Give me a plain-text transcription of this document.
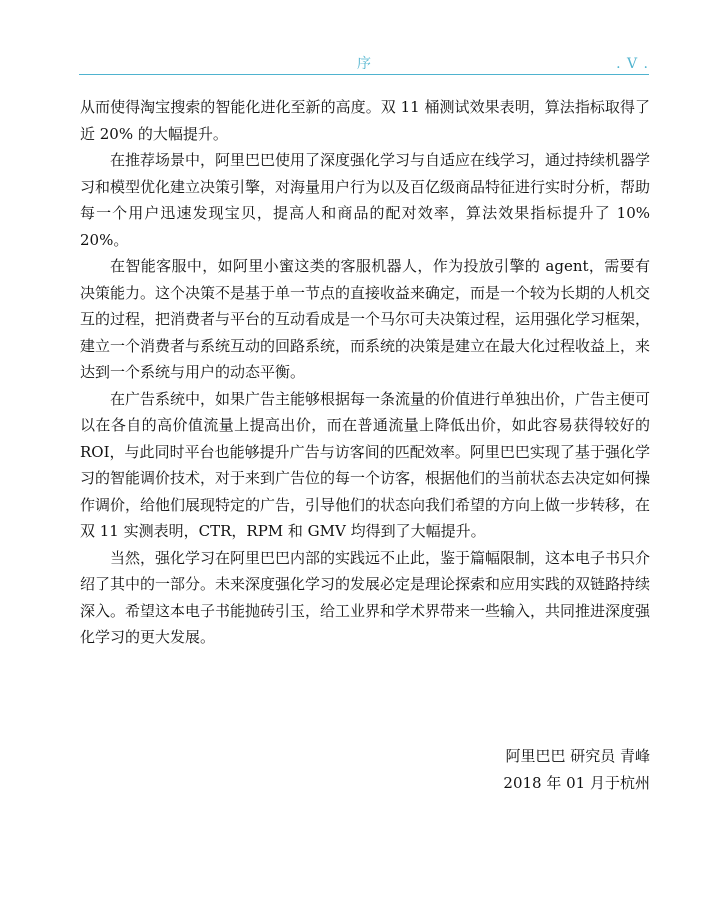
序	. V .

从而使得淘宝搜索的智能化进化至新的高度。双 11 桶测试效果表明，算法指标取得了近 20% 的大幅提升。

在推荐场景中，阿里巴巴使用了深度强化学习与自适应在线学习，通过持续机器学习和模型优化建立决策引擎，对海量用户行为以及百亿级商品特征进行实时分析，帮助每一个用户迅速发现宝贝，提高人和商品的配对效率，算法效果指标提升了 10% 20%。

在智能客服中，如阿里小蜜这类的客服机器人，作为投放引擎的 agent，需要有决策能力。这个决策不是基于单一节点的直接收益来确定，而是一个较为长期的人机交互的过程，把消费者与平台的互动看成是一个马尔可夫决策过程，运用强化学习框架，建立一个消费者与系统互动的回路系统，而系统的决策是建立在最大化过程收益上，来达到一个系统与用户的动态平衡。

在广告系统中，如果广告主能够根据每一条流量的价值进行单独出价，广告主便可以在各自的高价值流量上提高出价，而在普通流量上降低出价，如此容易获得较好的 ROI，与此同时平台也能够提升广告与访客间的匹配效率。阿里巴巴实现了基于强化学习的智能调价技术，对于来到广告位的每一个访客，根据他们的当前状态去决定如何操作调价，给他们展现特定的广告，引导他们的状态向我们希望的方向上做一步转移，在双 11 实测表明，CTR，RPM 和 GMV 均得到了大幅提升。

当然，强化学习在阿里巴巴内部的实践远不止此，鉴于篇幅限制，这本电子书只介绍了其中的一部分。未来深度强化学习的发展必定是理论探索和应用实践的双链路持续深入。希望这本电子书能抛砖引玉，给工业界和学术界带来一些输入，共同推进深度强化学习的更大发展。

阿里巴巴 研究员 青峰
2018 年 01 月于杭州
